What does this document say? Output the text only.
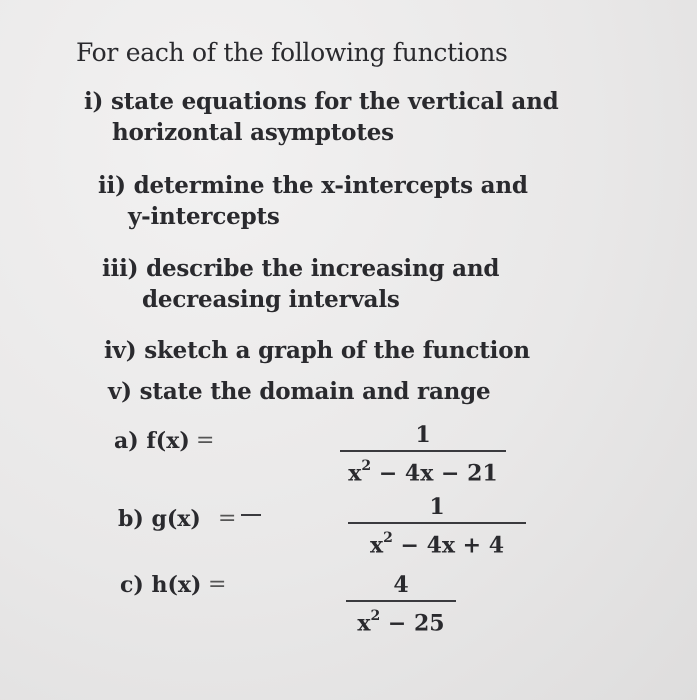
For each of the following functions
i) state equations for the vertical and
horizontal asymptotes
ii) determine the x-intercepts and
y-intercepts
iii) describe the increasing and
decreasing intervals
iv) sketch a graph of the function
v) state the domain and range
a) f(x) =	1
$x^2 - 4x - 21$
b) g(x) =	1
$x^2 - 4x + 4$
c) h(x) =	4
$x^2 - 25$
